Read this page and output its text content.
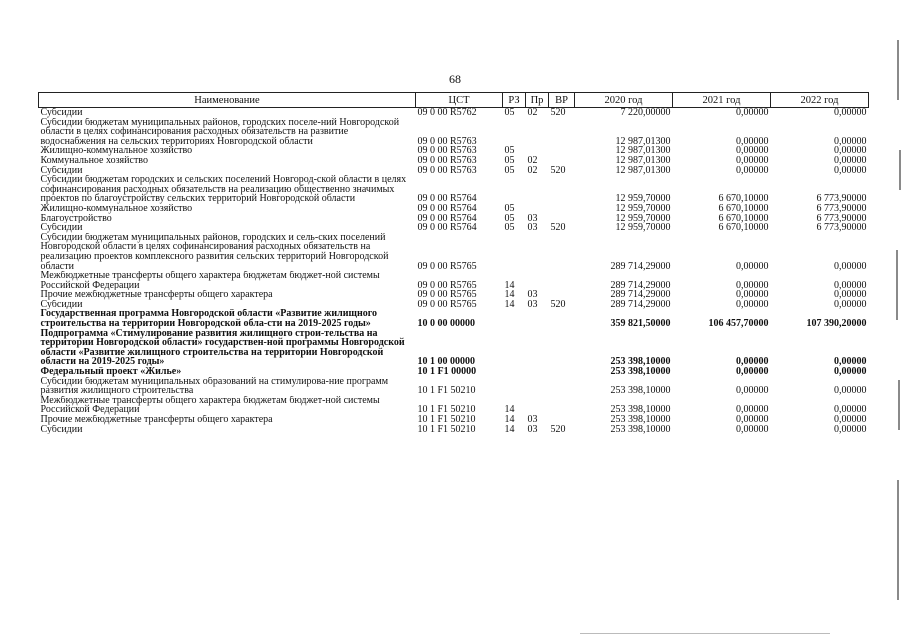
68
Наименование	ЦСТ	РЗ	Пр	ВР	2020 год	2021 год	2022 год
Субсидии	09 0 00 R5762	05	02	520	7 220,00000	0,00000	0,00000
Субсидии бюджетам муниципальных районов, городских поселе-ний Новгородской области в целях софинансирования расходных обязательств на развитие водоснабжения на сельских территориях Новгородской области	09 0 00 R5763				12 987,01300	0,00000	0,00000
Жилищно-коммунальное хозяйство	09 0 00 R5763	05			12 987,01300	0,00000	0,00000
Коммунальное хозяйство	09 0 00 R5763	05	02		12 987,01300	0,00000	0,00000
Субсидии	09 0 00 R5763	05	02	520	12 987,01300	0,00000	0,00000
Субсидии бюджетам городских и сельских поселений Новгород-ской области в целях софинансирования расходных обязательств на реализацию общественно значимых проектов по благоустройству сельских территорий Новгородской области	09 0 00 R5764				12 959,70000	6 670,10000	6 773,90000
Жилищно-коммунальное хозяйство	09 0 00 R5764	05			12 959,70000	6 670,10000	6 773,90000
Благоустройство	09 0 00 R5764	05	03		12 959,70000	6 670,10000	6 773,90000
Субсидии	09 0 00 R5764	05	03	520	12 959,70000	6 670,10000	6 773,90000
Субсидии бюджетам муниципальных районов, городских и сель-ских поселений Новгородской области в целях софинансирования расходных обязательств на реализацию проектов комплексного развития сельских территорий Новгородской области	09 0 00 R5765				289 714,29000	0,00000	0,00000
Межбюджетные трансферты общего характера бюджетам бюджет-ной системы Российской Федерации	09 0 00 R5765	14			289 714,29000	0,00000	0,00000
Прочие межбюджетные трансферты общего характера	09 0 00 R5765	14	03		289 714,29000	0,00000	0,00000
Субсидии	09 0 00 R5765	14	03	520	289 714,29000	0,00000	0,00000
Государственная программа Новгородской области «Развитие жилищного строительства на территории Новгородской обла-сти на 2019-2025 годы»	10 0 00 00000				359 821,50000	106 457,70000	107 390,20000
Подпрограмма «Стимулирование развития жилищного строи-тельства на территории Новгородской области» государствен-ной программы Новгородской области «Развитие жилищного строительства на территории Новгородской области на 2019-2025 годы»	10 1 00 00000				253 398,10000	0,00000	0,00000
Федеральный проект «Жилье»	10 1 F1 00000				253 398,10000	0,00000	0,00000
Субсидии бюджетам муниципальных образований на стимулирова-ние программ развития жилищного строительства	10 1 F1 50210				253 398,10000	0,00000	0,00000
Межбюджетные трансферты общего характера бюджетам бюджет-ной системы Российской Федерации	10 1 F1 50210	14			253 398,10000	0,00000	0,00000
Прочие межбюджетные трансферты общего характера	10 1 F1 50210	14	03		253 398,10000	0,00000	0,00000
Субсидии	10 1 F1 50210	14	03	520	253 398,10000	0,00000	0,00000
